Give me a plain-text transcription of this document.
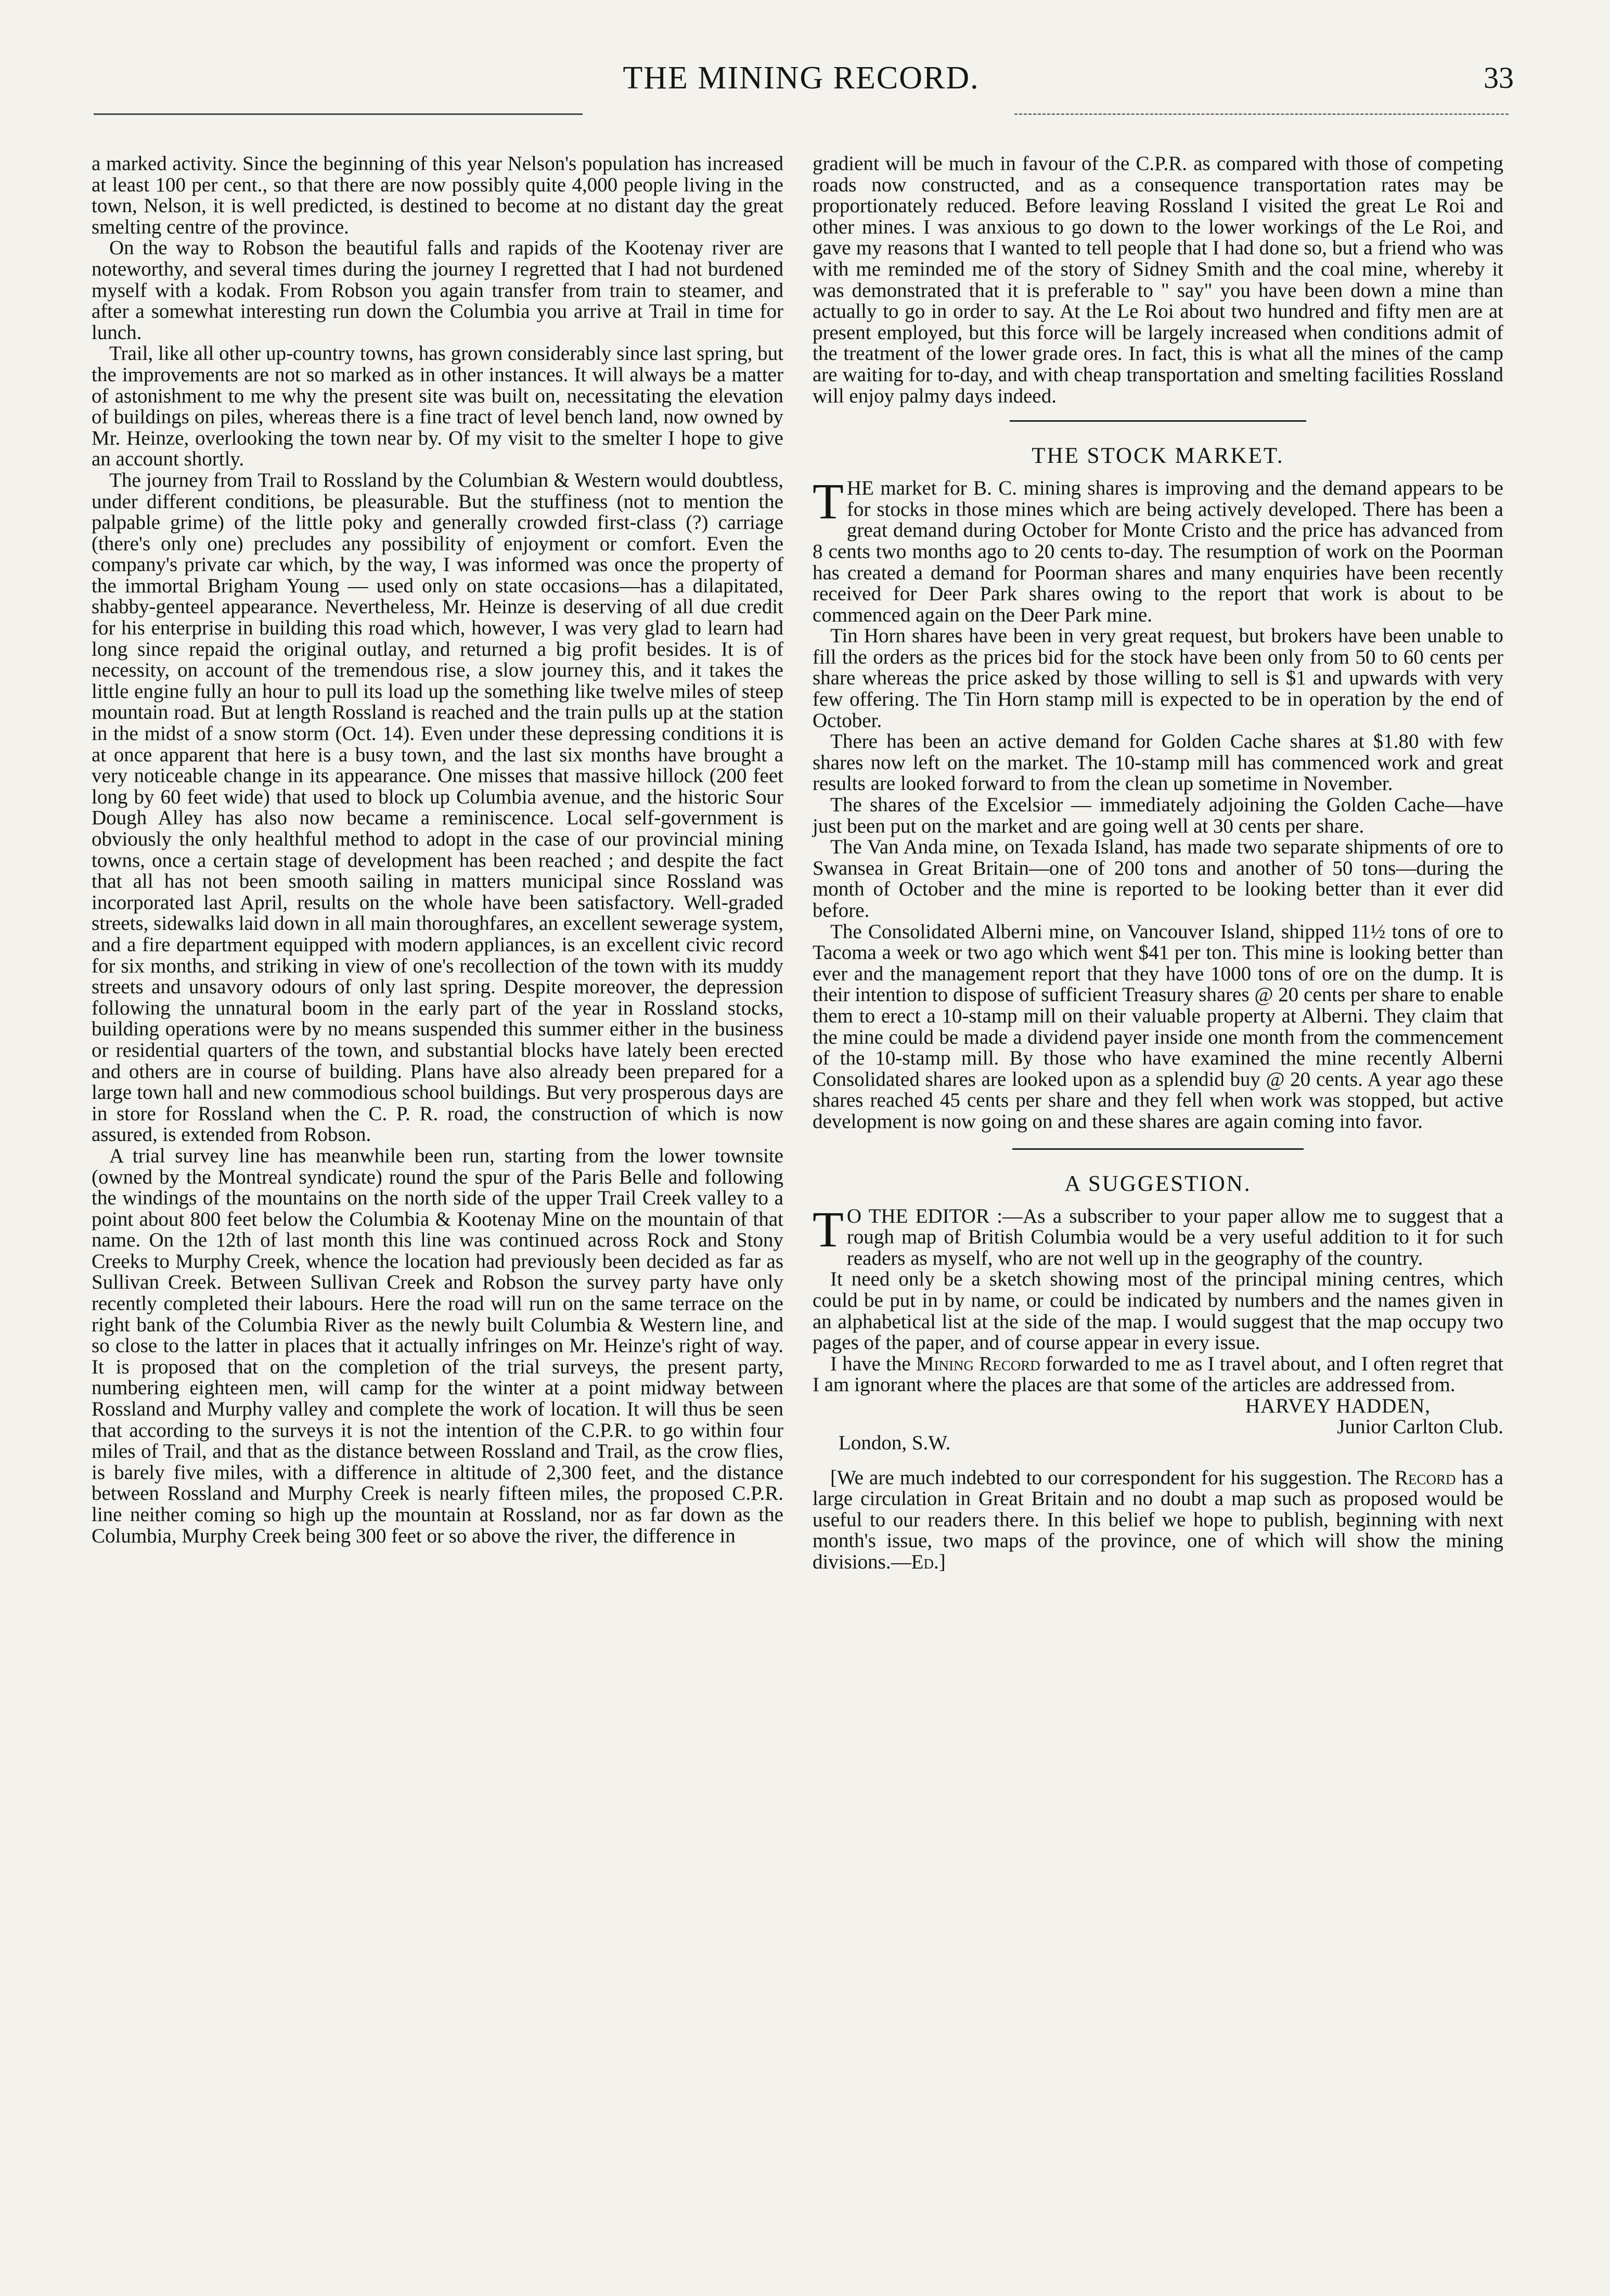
THE MINING RECORD.	33

a marked activity. Since the beginning of this year Nelson's population has increased at least 100 per cent., so that there are now possibly quite 4,000 people living in the town, Nelson, it is well predicted, is destined to become at no distant day the great smelting centre of the province.

On the way to Robson the beautiful falls and rapids of the Kootenay river are noteworthy, and several times during the journey I regretted that I had not burdened myself with a kodak. From Robson you again transfer from train to steamer, and after a somewhat interesting run down the Columbia you arrive at Trail in time for lunch.

Trail, like all other up-country towns, has grown considerably since last spring, but the improvements are not so marked as in other instances. It will always be a matter of astonishment to me why the present site was built on, necessitating the elevation of buildings on piles, whereas there is a fine tract of level bench land, now owned by Mr. Heinze, overlooking the town near by. Of my visit to the smelter I hope to give an account shortly.

The journey from Trail to Rossland by the Columbian & Western would doubtless, under different conditions, be pleasurable. But the stuffiness (not to mention the palpable grime) of the little poky and generally crowded first-class (?) carriage (there's only one) precludes any possibility of enjoyment or comfort. Even the company's private car which, by the way, I was informed was once the property of the immortal Brigham Young — used only on state occasions—has a dilapitated, shabby-genteel appearance. Nevertheless, Mr. Heinze is deserving of all due credit for his enterprise in building this road which, however, I was very glad to learn had long since repaid the original outlay, and returned a big profit besides. It is of necessity, on account of the tremendous rise, a slow journey this, and it takes the little engine fully an hour to pull its load up the something like twelve miles of steep mountain road. But at length Rossland is reached and the train pulls up at the station in the midst of a snow storm (Oct. 14). Even under these depressing conditions it is at once apparent that here is a busy town, and the last six months have brought a very noticeable change in its appearance. One misses that massive hillock (200 feet long by 60 feet wide) that used to block up Columbia avenue, and the historic Sour Dough Alley has also now became a reminiscence. Local self-government is obviously the only healthful method to adopt in the case of our provincial mining towns, once a certain stage of development has been reached ; and despite the fact that all has not been smooth sailing in matters municipal since Rossland was incorporated last April, results on the whole have been satisfactory. Well-graded streets, sidewalks laid down in all main thoroughfares, an excellent sewerage system, and a fire department equipped with modern appliances, is an excellent civic record for six months, and striking in view of one's recollection of the town with its muddy streets and unsavory odours of only last spring. Despite moreover, the depression following the unnatural boom in the early part of the year in Rossland stocks, building operations were by no means suspended this summer either in the business or residential quarters of the town, and substantial blocks have lately been erected and others are in course of building. Plans have also already been prepared for a large town hall and new commodious school buildings. But very prosperous days are in store for Rossland when the C. P. R. road, the construction of which is now assured, is extended from Robson.

A trial survey line has meanwhile been run, starting from the lower townsite (owned by the Montreal syndicate) round the spur of the Paris Belle and following the windings of the mountains on the north side of the upper Trail Creek valley to a point about 800 feet below the Columbia & Kootenay Mine on the mountain of that name. On the 12th of last month this line was continued across Rock and Stony Creeks to Murphy Creek, whence the location had previously been decided as far as Sullivan Creek. Between Sullivan Creek and Robson the survey party have only recently completed their labours. Here the road will run on the same terrace on the right bank of the Columbia River as the newly built Columbia & Western line, and so close to the latter in places that it actually infringes on Mr. Heinze's right of way. It is proposed that on the completion of the trial surveys, the present party, numbering eighteen men, will camp for the winter at a point midway between Rossland and Murphy valley and complete the work of location. It will thus be seen that according to the surveys it is not the intention of the C.P.R. to go within four miles of Trail, and that as the distance between Rossland and Trail, as the crow flies, is barely five miles, with a difference in altitude of 2,300 feet, and the distance between Rossland and Murphy Creek is nearly fifteen miles, the proposed C.P.R. line neither coming so high up the mountain at Rossland, nor as far down as the Columbia, Murphy Creek being 300 feet or so above the river, the difference in

gradient will be much in favour of the C.P.R. as compared with those of competing roads now constructed, and as a consequence transportation rates may be proportionately reduced. Before leaving Rossland I visited the great Le Roi and other mines. I was anxious to go down to the lower workings of the Le Roi, and gave my reasons that I wanted to tell people that I had done so, but a friend who was with me reminded me of the story of Sidney Smith and the coal mine, whereby it was demonstrated that it is preferable to " say" you have been down a mine than actually to go in order to say. At the Le Roi about two hundred and fifty men are at present employed, but this force will be largely increased when conditions admit of the treatment of the lower grade ores. In fact, this is what all the mines of the camp are waiting for to-day, and with cheap transportation and smelting facilities Rossland will enjoy palmy days indeed.

THE STOCK MARKET.

THE market for B. C. mining shares is improving and the demand appears to be for stocks in those mines which are being actively developed. There has been a great demand during October for Monte Cristo and the price has advanced from 8 cents two months ago to 20 cents to-day. The resumption of work on the Poorman has created a demand for Poorman shares and many enquiries have been recently received for Deer Park shares owing to the report that work is about to be commenced again on the Deer Park mine.

Tin Horn shares have been in very great request, but brokers have been unable to fill the orders as the prices bid for the stock have been only from 50 to 60 cents per share whereas the price asked by those willing to sell is $1 and upwards with very few offering. The Tin Horn stamp mill is expected to be in operation by the end of October.

There has been an active demand for Golden Cache shares at $1.80 with few shares now left on the market. The 10-stamp mill has commenced work and great results are looked forward to from the clean up sometime in November.

The shares of the Excelsior — immediately adjoining the Golden Cache—have just been put on the market and are going well at 30 cents per share.

The Van Anda mine, on Texada Island, has made two separate shipments of ore to Swansea in Great Britain—one of 200 tons and another of 50 tons—during the month of October and the mine is reported to be looking better than it ever did before.

The Consolidated Alberni mine, on Vancouver Island, shipped 11½ tons of ore to Tacoma a week or two ago which went $41 per ton. This mine is looking better than ever and the management report that they have 1000 tons of ore on the dump. It is their intention to dispose of sufficient Treasury shares @ 20 cents per share to enable them to erect a 10-stamp mill on their valuable property at Alberni. They claim that the mine could be made a dividend payer inside one month from the commencement of the 10-stamp mill. By those who have examined the mine recently Alberni Consolidated shares are looked upon as a splendid buy @ 20 cents. A year ago these shares reached 45 cents per share and they fell when work was stopped, but active development is now going on and these shares are again coming into favor.

A SUGGESTION.

T O THE EDITOR :—As a subscriber to your paper allow me to suggest that a rough map of British Columbia would be a very useful addition to it for such readers as myself, who are not well up in the geography of the country.

It need only be a sketch showing most of the principal mining centres, which could be put in by name, or could be indicated by numbers and the names given in an alphabetical list at the side of the map. I would suggest that the map occupy two pages of the paper, and of course appear in every issue.

I have the Mining Record forwarded to me as I travel about, and I often regret that I am ignorant where the places are that some of the articles are addressed from.

HARVEY HADDEN,

Junior Carlton Club.

London, S.W.

[We are much indebted to our correspondent for his suggestion. The Record has a large circulation in Great Britain and no doubt a map such as proposed would be useful to our readers there. In this belief we hope to publish, beginning with next month's issue, two maps of the province, one of which will show the mining divisions.—Ed.]
